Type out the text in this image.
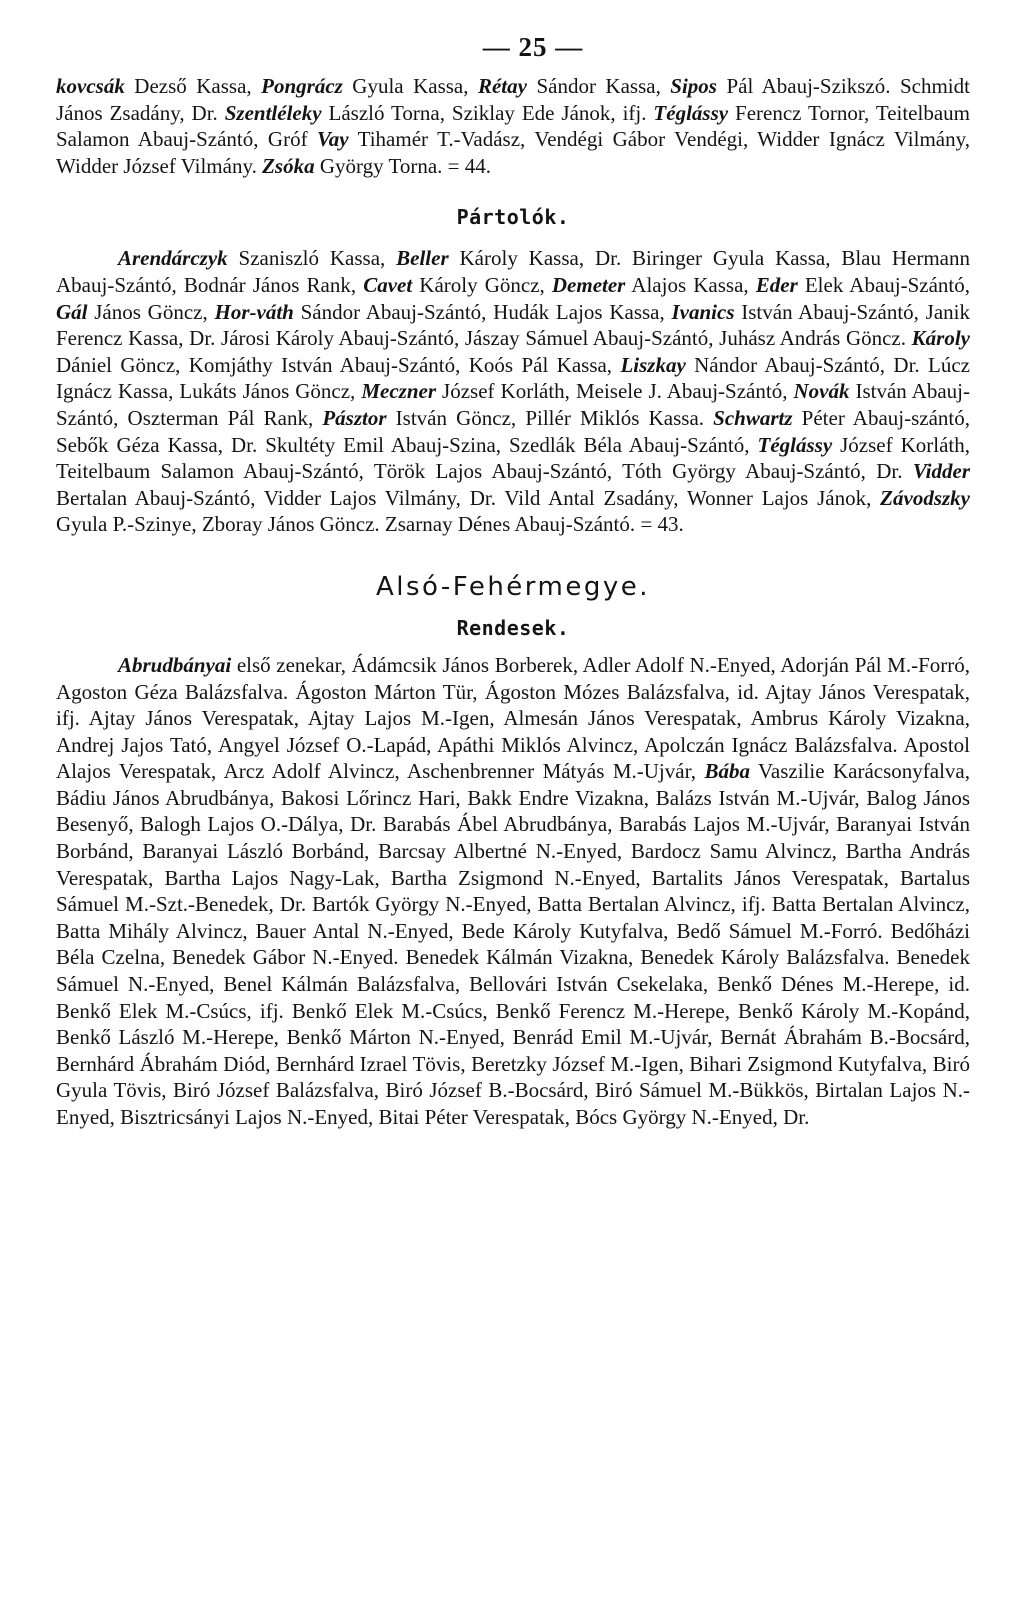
— 25 —

kovcsák Dezső Kassa, Pongrácz Gyula Kassa, Rétay Sándor Kassa, Sipos Pál Abauj-Szikszó. Schmidt János Zsadány, Dr. Szentléleky László Torna, Sziklay Ede Jánok, ifj. Téglássy Ferencz Tornor, Teitelbaum Salamon Abauj-Szántó, Gróf Vay Tihamér T.-Vadász, Vendégi Gábor Vendégi, Widder Ignácz Vilmány, Widder József Vilmány. Zsóka György Torna. = 44.

Pártolók.

Arendárczyk Szaniszló Kassa, Beller Károly Kassa, Dr. Biringer Gyula Kassa, Blau Hermann Abauj-Szántó, Bodnár János Rank, Cavet Károly Göncz, Demeter Alajos Kassa, Eder Elek Abauj-Szántó, Gál János Göncz, Hor-váth Sándor Abauj-Szántó, Hudák Lajos Kassa, Ivanics István Abauj-Szántó, Janik Ferencz Kassa, Dr. Járosi Károly Abauj-Szántó, Jászay Sámuel Abauj-Szántó, Juhász András Göncz. Károly Dániel Göncz, Komjáthy István Abauj-Szántó, Koós Pál Kassa, Liszkay Nándor Abauj-Szántó, Dr. Lúcz Ignácz Kassa, Lukáts János Göncz, Meczner József Korláth, Meisele J. Abauj-Szántó, Novák István Abauj-Szántó, Oszterman Pál Rank, Pásztor István Göncz, Pillér Miklós Kassa. Schwartz Péter Abauj-szántó, Sebők Géza Kassa, Dr. Skultéty Emil Abauj-Szina, Szedlák Béla Abauj-Szántó, Téglássy József Korláth, Teitelbaum Salamon Abauj-Szántó, Török Lajos Abauj-Szántó, Tóth György Abauj-Szántó, Dr. Vidder Bertalan Abauj-Szántó, Vidder Lajos Vilmány, Dr. Vild Antal Zsadány, Wonner Lajos Jánok, Závodszky Gyula P.-Szinye, Zboray János Göncz. Zsarnay Dénes Abauj-Szántó. = 43.

Alsó-Fehérmegye.
Rendesek.

Abrudbányai első zenekar, Ádámcsik János Borberek, Adler Adolf N.-Enyed, Adorján Pál M.-Forró, Agoston Géza Balázsfalva. Ágoston Márton Tür, Ágoston Mózes Balázsfalva, id. Ajtay János Verespatak, ifj. Ajtay János Verespatak, Ajtay Lajos M.-Igen, Almesán János Verespatak, Ambrus Károly Vizakna, Andrej Jajos Tató, Angyel József O.-Lapád, Apáthi Miklós Alvincz, Apolczán Ignácz Balázsfalva. Apostol Alajos Verespatak, Arcz Adolf Alvincz, Aschenbrenner Mátyás M.-Ujvár, Bába Vaszilie Karácsonyfalva, Bádiu János Abrudbánya, Bakosi Lőrincz Hari, Bakk Endre Vizakna, Balázs István M.-Ujvár, Balog János Besenyő, Balogh Lajos O.-Dálya, Dr. Barabás Ábel Abrudbánya, Barabás Lajos M.-Ujvár, Baranyai István Borbánd, Baranyai László Borbánd, Barcsay Albertné N.-Enyed, Bardocz Samu Alvincz, Bartha András Verespatak, Bartha Lajos Nagy-Lak, Bartha Zsigmond N.-Enyed, Bartalits János Verespatak, Bartalus Sámuel M.-Szt.-Benedek, Dr. Bartók György N.-Enyed, Batta Bertalan Alvincz, ifj. Batta Bertalan Alvincz, Batta Mihály Alvincz, Bauer Antal N.-Enyed, Bede Károly Kutyfalva, Bedő Sámuel M.-Forró. Bedőházi Béla Czelna, Benedek Gábor N.-Enyed. Benedek Kálmán Vizakna, Benedek Károly Balázsfalva. Benedek Sámuel N.-Enyed, Benel Kálmán Balázsfalva, Bellovári István Csekelaka, Benkő Dénes M.-Herepe, id. Benkő Elek M.-Csúcs, ifj. Benkő Elek M.-Csúcs, Benkő Ferencz M.-Herepe, Benkő Károly M.-Kopánd, Benkő László M.-Herepe, Benkő Márton N.-Enyed, Benrád Emil M.-Ujvár, Bernát Ábrahám B.-Bocsárd, Bernhárd Ábrahám Diód, Bernhárd Izrael Tövis, Beretzky József M.-Igen, Bihari Zsigmond Kutyfalva, Biró Gyula Tövis, Biró József Balázsfalva, Biró József B.-Bocsárd, Biró Sámuel M.-Bükkös, Birtalan Lajos N.-Enyed, Bisztricsányi Lajos N.-Enyed, Bitai Péter Verespatak, Bócs György N.-Enyed, Dr.
